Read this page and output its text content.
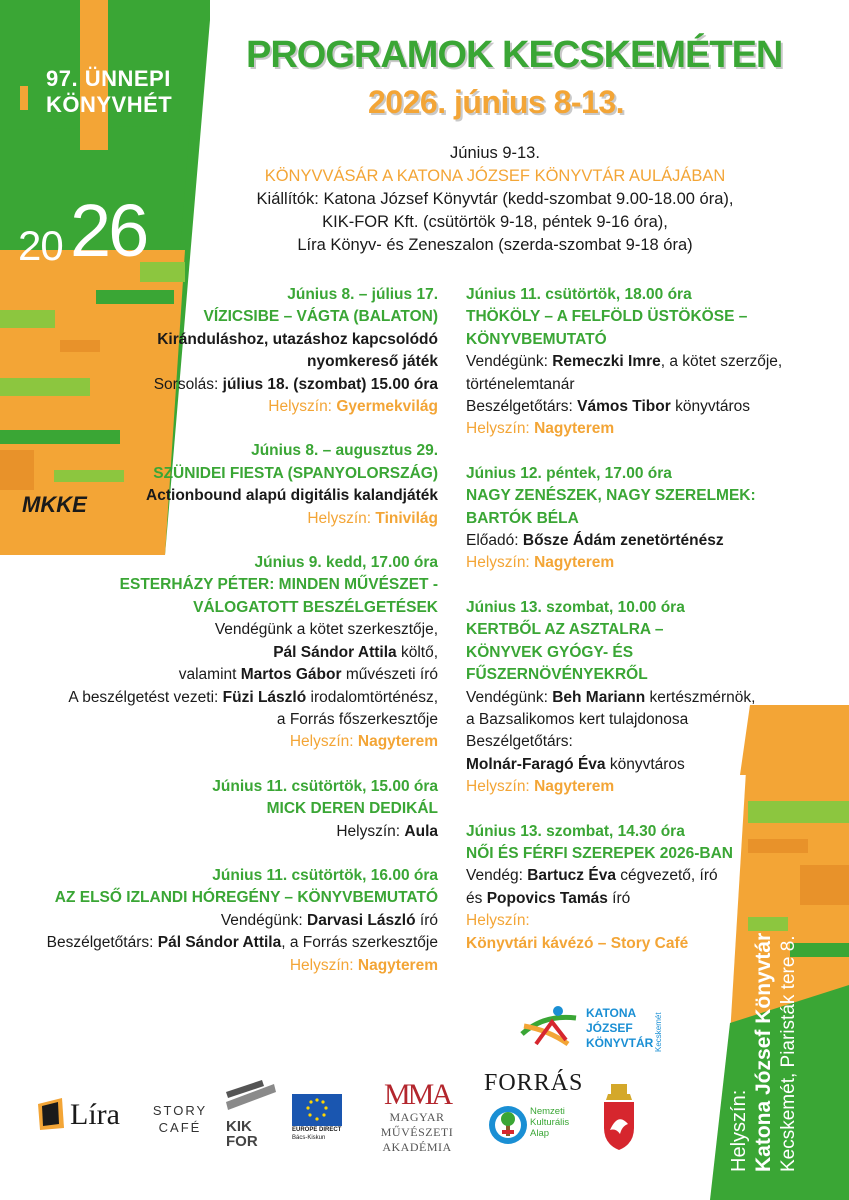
97. ÜNNEPI
KÖNYVHÉT
20 26
MKKE
Helyszín: Katona József Könyvtár Kecskemét, Piaristák tere 8.
PROGRAMOK KECSKEMÉTEN
2026. június 8-13.
Június 9-13.
KÖNYVVÁSÁR A KATONA JÓZSEF KÖNYVTÁR AULÁJÁBAN
Kiállítók: Katona József Könyvtár (kedd-szombat 9.00-18.00 óra),
KIK-FOR Kft. (csütörtök 9-18, péntek 9-16 óra),
Líra Könyv- és Zeneszalon (szerda-szombat 9-18 óra)
Június 8. – július 17.
VÍZICSIBE – VÁGTA (BALATON)
Kiránduláshoz, utazáshoz kapcsolódó
nyomkereső játék
Sorsolás: július 18. (szombat) 15.00 óra
Helyszín: Gyermekvilág
Június 8. – augusztus 29.
SZÜNIDEI FIESTA (SPANYOLORSZÁG)
Actionbound alapú digitális kalandjáték
Helyszín: Tinivilág
Június 9. kedd, 17.00 óra
ESTERHÁZY PÉTER: MINDEN MŰVÉSZET -
VÁLOGATOTT BESZÉLGETÉSEK
Vendégünk a kötet szerkesztője,
Pál Sándor Attila költő,
valamint Martos Gábor művészeti író
A beszélgetést vezeti: Füzi László irodalomtörténész,
a Forrás főszerkesztője
Helyszín: Nagyterem
Június 11. csütörtök, 15.00 óra
MICK DEREN DEDIKÁL
Helyszín: Aula
Június 11. csütörtök, 16.00 óra
AZ ELSŐ IZLANDI HÓREGÉNY – KÖNYVBEMUTATÓ
Vendégünk: Darvasi László író
Beszélgetőtárs: Pál Sándor Attila, a Forrás szerkesztője
Helyszín: Nagyterem
Június 11. csütörtök, 18.00 óra
THÖKÖLY – A FELFÖLD ÜSTÖKÖSE –
KÖNYVBEMUTATÓ
Vendégünk: Remeczki Imre, a kötet szerzője,
történelemtanár
Beszélgetőtárs: Vámos Tibor könyvtáros
Helyszín: Nagyterem
Június 12. péntek, 17.00 óra
NAGY ZENÉSZEK, NAGY SZERELMEK:
BARTÓK BÉLA
Előadó: Bősze Ádám zenetörténész
Helyszín: Nagyterem
Június 13. szombat, 10.00 óra
KERTBŐL AZ ASZTALRA –
KÖNYVEK GYÓGY- ÉS FŰSZERNÖVÉNYEKRŐL
Vendégünk: Beh Mariann kertészmérnök,
a Bazsalikomos kert tulajdonosa
Beszélgetőtárs:
Molnár-Faragó Éva könyvtáros
Helyszín: Nagyterem
Június 13. szombat, 14.30 óra
NŐI ÉS FÉRFI SZEREPEK 2026-BAN
Vendég: Bartucz Éva cégvezető, író
és Popovics Tamás író
Helyszín:
Könyvtári kávézó – Story Café
KATONA
JÓZSEF
KÖNYVTÁR Kecskemét
Líra	STORY
CAFÉ	KIK
FOR
EUROPE DIRECT
Bács-Kiskun
MMA
MAGYAR MŰVÉSZETI
AKADÉMIA
FORRÁS
Nemzeti
Kulturális
Alap
